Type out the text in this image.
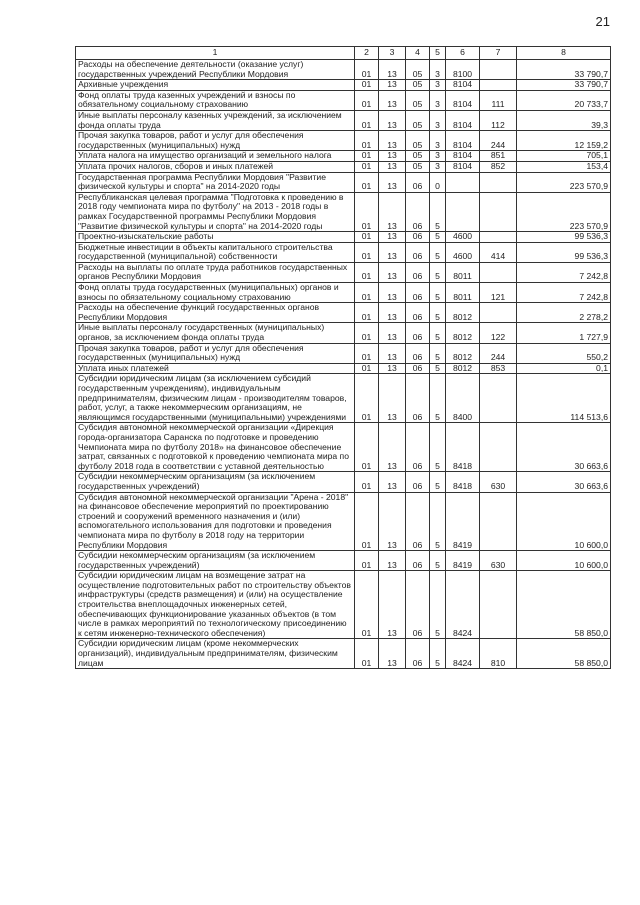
21
1	2	3	4	5	6	7	8
Расходы на обеспечение деятельности (оказание услуг) государственных учреждений Республики Мордовия	01	13	05	3	8100		33 790,7
Архивные учреждения	01	13	05	3	8104		33 790,7
Фонд оплаты труда казенных учреждений и взносы по обязательному социальному страхованию	01	13	05	3	8104	111	20 733,7
Иные выплаты персоналу казенных учреждений, за исключением фонда оплаты труда	01	13	05	3	8104	112	39,3
Прочая закупка товаров, работ и услуг для обеспечения государственных (муниципальных) нужд	01	13	05	3	8104	244	12 159,2
Уплата налога на имущество организаций и земельного налога	01	13	05	3	8104	851	705,1
Уплата прочих налогов, сборов и иных платежей	01	13	05	3	8104	852	153,4
Государственная программа Республики Мордовия "Развитие физической культуры и спорта" на 2014-2020 годы	01	13	06	0			223 570,9
Республиканская целевая программа "Подготовка к проведению в 2018 году чемпионата мира по футболу" на 2013 - 2018 годы в рамках Государственной программы Республики Мордовия "Развитие физической культуры и спорта" на 2014-2020 годы	01	13	06	5			223 570,9
Проектно-изыскательские работы	01	13	06	5	4600		99 536,3
Бюджетные инвестиции в объекты капитального строительства государственной (муниципальной) собственности	01	13	06	5	4600	414	99 536,3
Расходы на выплаты по оплате труда работников государственных органов Республики Мордовия	01	13	06	5	8011		7 242,8
Фонд оплаты труда государственных (муниципальных) органов и взносы по обязательному социальному страхованию	01	13	06	5	8011	121	7 242,8
Расходы на обеспечение функций государственных органов Республики Мордовия	01	13	06	5	8012		2 278,2
Иные выплаты персоналу государственных (муниципальных) органов, за исключением фонда оплаты труда	01	13	06	5	8012	122	1 727,9
Прочая закупка товаров, работ и услуг для обеспечения государственных (муниципальных) нужд	01	13	06	5	8012	244	550,2
Уплата иных платежей	01	13	06	5	8012	853	0,1
Субсидии юридическим лицам (за исключением субсидий государственным учреждениям), индивидуальным предпринимателям, физическим лицам - производителям товаров, работ, услуг, а также некоммерческим организациям, не являющимся государственными (муниципальными) учреждениями	01	13	06	5	8400		114 513,6
Субсидия автономной некоммерческой организации «Дирекция города-организатора Саранска по подготовке и проведению Чемпионата мира по футболу 2018» на финансовое обеспечение затрат, связанных с подготовкой к проведению чемпионата мира по футболу 2018 года в соответствии с уставной деятельностью	01	13	06	5	8418		30 663,6
Субсидии некоммерческим организациям (за исключением государственных учреждений)	01	13	06	5	8418	630	30 663,6
Субсидия автономной некоммерческой организации "Арена - 2018" на финансовое обеспечение мероприятий по проектированию строений и сооружений временного назначения и (или) вспомогательного использования для подготовки и проведения чемпионата мира по футболу в 2018 году на территории Республики Мордовия	01	13	06	5	8419		10 600,0
Субсидии некоммерческим организациям (за исключением государственных учреждений)	01	13	06	5	8419	630	10 600,0
Субсидии юридическим лицам на возмещение затрат на осуществление подготовительных работ по строительству объектов инфраструктуры (средств размещения) и (или) на осуществление строительства внеплощадочных инженерных сетей, обеспечивающих функционирование указанных объектов (в том числе в рамках мероприятий по технологическому присоединению к сетям инженерно-технического обеспечения)	01	13	06	5	8424		58 850,0
Субсидии юридическим лицам (кроме некоммерческих организаций), индивидуальным предпринимателям, физическим лицам	01	13	06	5	8424	810	58 850,0
